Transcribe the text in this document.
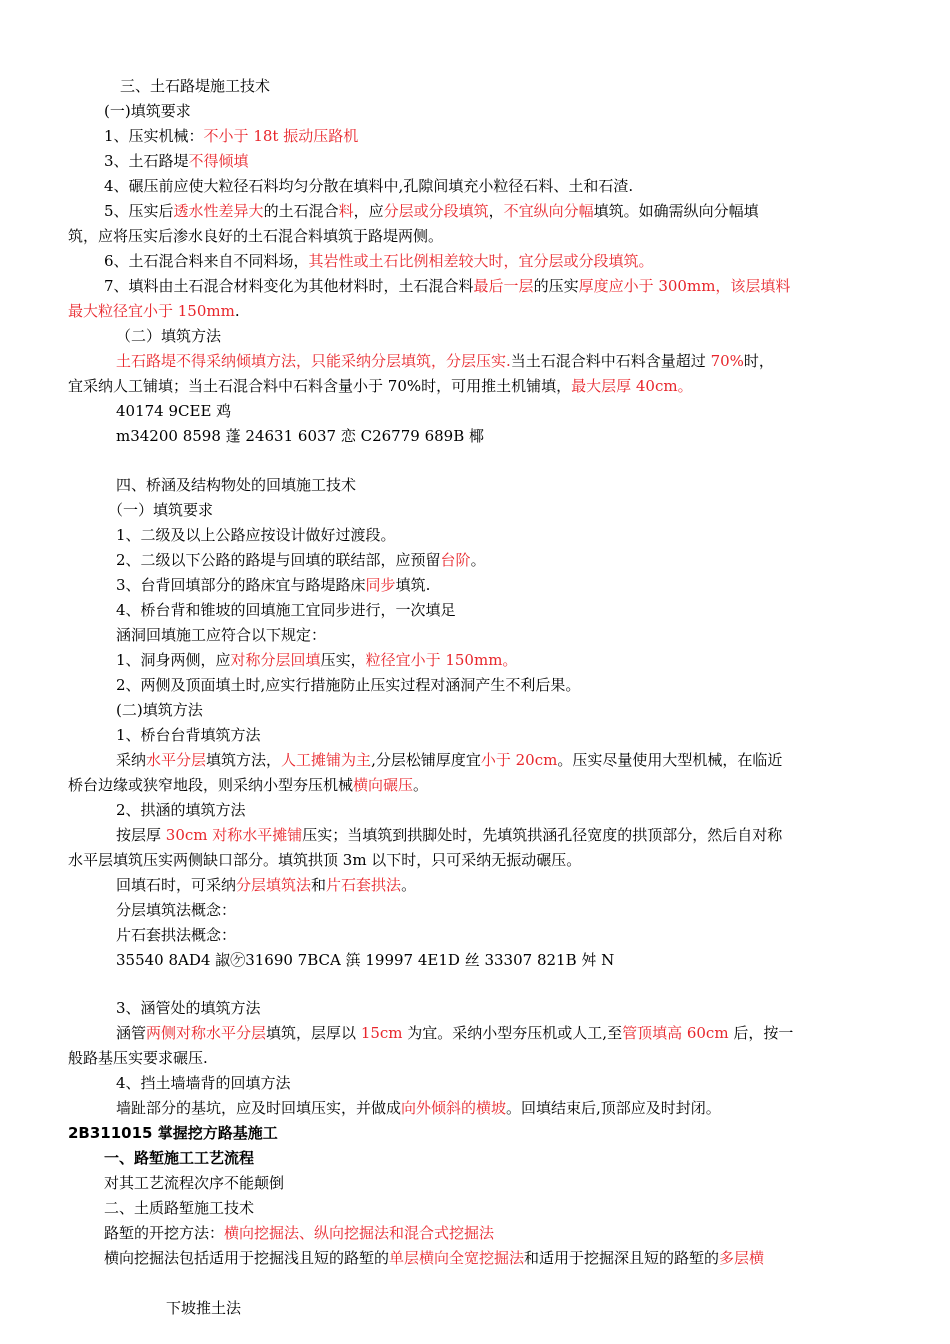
三、土石路堤施工技术
(一)填筑要求
1、压实机械：不小于 18t 振动压路机
3、土石路堤不得倾填
4、碾压前应使大粒径石料均匀分散在填料中,孔隙间填充小粒径石料、土和石渣.
5、压实后透水性差异大的土石混合料，应分层或分段填筑，不宜纵向分幅填筑。如确需纵向分幅填
筑，应将压实后渗水良好的土石混合料填筑于路堤两侧。
6、土石混合料来自不同料场，其岩性或土石比例相差较大时，宜分层或分段填筑。
7、填料由土石混合材料变化为其他材料时，土石混合料最后一层的压实厚度应小于 300mm，该层填料
最大粒径宜小于 150mm.
（二）填筑方法
土石路堤不得采纳倾填方法，只能采纳分层填筑，分层压实.当土石混合料中石料含量超过 70%时，
宜采纳人工铺填；当土石混合料中石料含量小于 70%时，可用推土机铺填，最大层厚 40cm。
40174 9CEE 鸡
m34200 8598 蓬 24631 6037 恋 C26779 689B 椰
四、桥涵及结构物处的回填施工技术
（一）填筑要求
1、二级及以上公路应按设计做好过渡段。
2、二级以下公路的路堤与回填的联结部，应预留台阶。
3、台背回填部分的路床宜与路堤路床同步填筑.
4、桥台背和锥坡的回填施工宜同步进行，一次填足
涵洞回填施工应符合以下规定：
1、洞身两侧，应对称分层回填压实，粒径宜小于 150mm。
2、两侧及顶面填土时,应实行措施防止压实过程对涵洞产生不利后果。
(二)填筑方法
1、桥台台背填筑方法
采纳水平分层填筑方法，人工摊铺为主,分层松铺厚度宜小于 20cm。压实尽量使用大型机械，在临近
桥台边缘或狭窄地段，则采纳小型夯压机械横向碾压。
2、拱涵的填筑方法
按层厚 30cm 对称水平摊铺压实；当填筑到拱脚处时，先填筑拱涵孔径宽度的拱顶部分，然后自对称
水平层填筑压实两侧缺口部分。填筑拱顶 3m 以下时，只可采纳无振动碾压。
回填石时，可采纳分层填筑法和片石套拱法。
分层填筑法概念：
片石套拱法概念：
35540 8AD4 諔㋘31690 7BCA 篊 19997 4E1D 丝 33307 821B 舛 N
3、涵管处的填筑方法
涵管两侧对称水平分层填筑，层厚以 15cm 为宜。采纳小型夯压机或人工,至管顶填高 60cm 后，按一
般路基压实要求碾压.
4、挡土墙墙背的回填方法
墙趾部分的基坑，应及时回填压实，并做成向外倾斜的横坡。回填结束后,顶部应及时封闭。
2B311015 掌握挖方路基施工
一、路堑施工工艺流程
对其工艺流程次序不能颠倒
二、土质路堑施工技术
路堑的开挖方法：横向挖掘法、纵向挖掘法和混合式挖掘法
横向挖掘法包括适用于挖掘浅且短的路堑的单层横向全宽挖掘法和适用于挖掘深且短的路堑的多层横
下坡推土法
